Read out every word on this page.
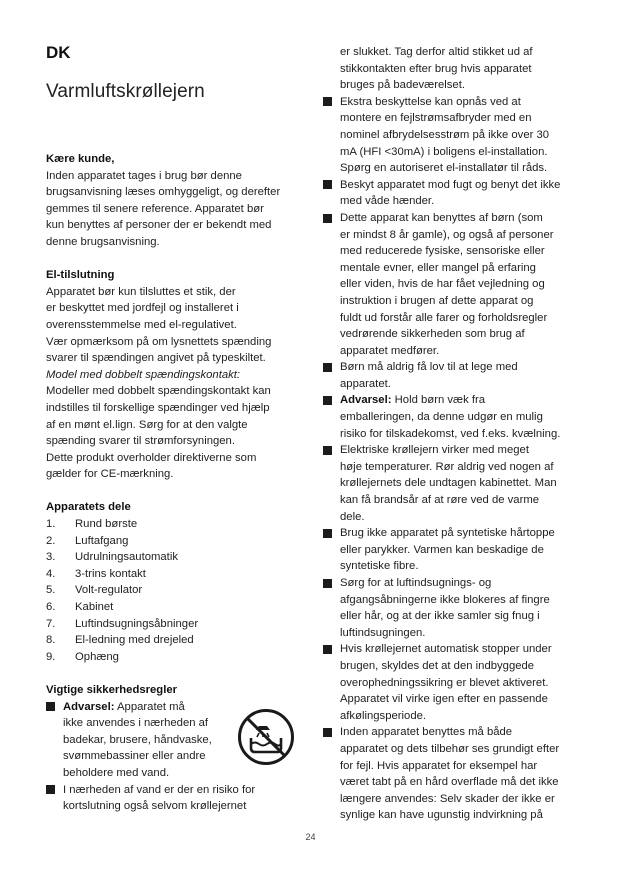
DK
Varmluftskrøllejern
Kære kunde,
Inden apparatet tages i brug bør denne
brugsanvisning læses omhyggeligt, og derefter
gemmes til senere reference. Apparatet bør
kun benyttes af personer der er bekendt med
denne brugsanvisning.
El-tilslutning
Apparatet bør kun tilsluttes et stik, der
er beskyttet med jordfejl og installeret i
overensstemmelse med el-regulativet.
Vær opmærksom på om lysnettets spænding
svarer til spændingen angivet på typeskiltet.
Model med dobbelt spændingskontakt:
Modeller med dobbelt spændingskontakt kan
indstilles til forskellige spændinger ved hjælp
af en mønt el.lign. Sørg for at den valgte
spænding svarer til strømforsyningen.
Dette produkt overholder direktiverne som
gælder for CE-mærkning.
Apparatets dele
1.	Rund børste
2.	Luftafgang
3.	Udrulningsautomatik
4.	3-trins kontakt
5.	Volt-regulator
6.	Kabinet
7.	Luftindsugningsåbninger
8.	El-ledning med drejeled
9.	Ophæng
Vigtige sikkerhedsregler
Advarsel: Apparatet må
ikke anvendes i nærheden af
badekar, brusere, håndvaske,
svømmebassiner eller andre
beholdere med vand.
I nærheden af vand er der en risiko for
kortslutning også selvom krøllejernet
er slukket. Tag derfor altid stikket ud af
stikkontakten efter brug hvis apparatet
bruges på badeværelset.
Ekstra beskyttelse kan opnås ved at
montere en fejlstrømsafbryder med en
nominel afbrydelsesstrøm på ikke over 30
mA (HFI <30mA) i boligens el-installation.
Spørg en autoriseret el-installatør til råds.
Beskyt apparatet mod fugt og benyt det ikke
med våde hænder.
Dette apparat kan benyttes af børn (som
er mindst 8 år gamle), og også af personer
med reducerede fysiske, sensoriske eller
mentale evner, eller mangel på erfaring
eller viden, hvis de har fået vejledning og
instruktion i brugen af dette apparat og
fuldt ud forstår alle farer og forholdsregler
vedrørende sikkerheden som brug af
apparatet medfører.
Børn må aldrig få lov til at lege med
apparatet.
Advarsel: Hold børn væk fra
emballeringen, da denne udgør en mulig
risiko for tilskadekomst, ved f.eks. kvælning.
Elektriske krøllejern virker med meget
høje temperaturer. Rør aldrig ved nogen af
krøllejernets dele undtagen kabinettet. Man
kan få brandsår af at røre ved de varme
dele.
Brug ikke apparatet på syntetiske hårtoppe
eller parykker. Varmen kan beskadige de
syntetiske fibre.
Sørg for at luftindsugnings- og
afgangsåbningerne ikke blokeres af fingre
eller hår, og at der ikke samler sig fnug i
luftindsugningen.
Hvis krøllejernet automatisk stopper under
brugen, skyldes det at den indbyggede
overophedningssikring er blevet aktiveret.
Apparatet vil virke igen efter en passende
afkølingsperiode.
Inden apparatet benyttes må både
apparatet og dets tilbehør ses grundigt efter
for fejl. Hvis apparatet for eksempel har
været tabt på en hård overflade må det ikke
længere anvendes: Selv skader der ikke er
synlige kan have ugunstig indvirkning på
24
